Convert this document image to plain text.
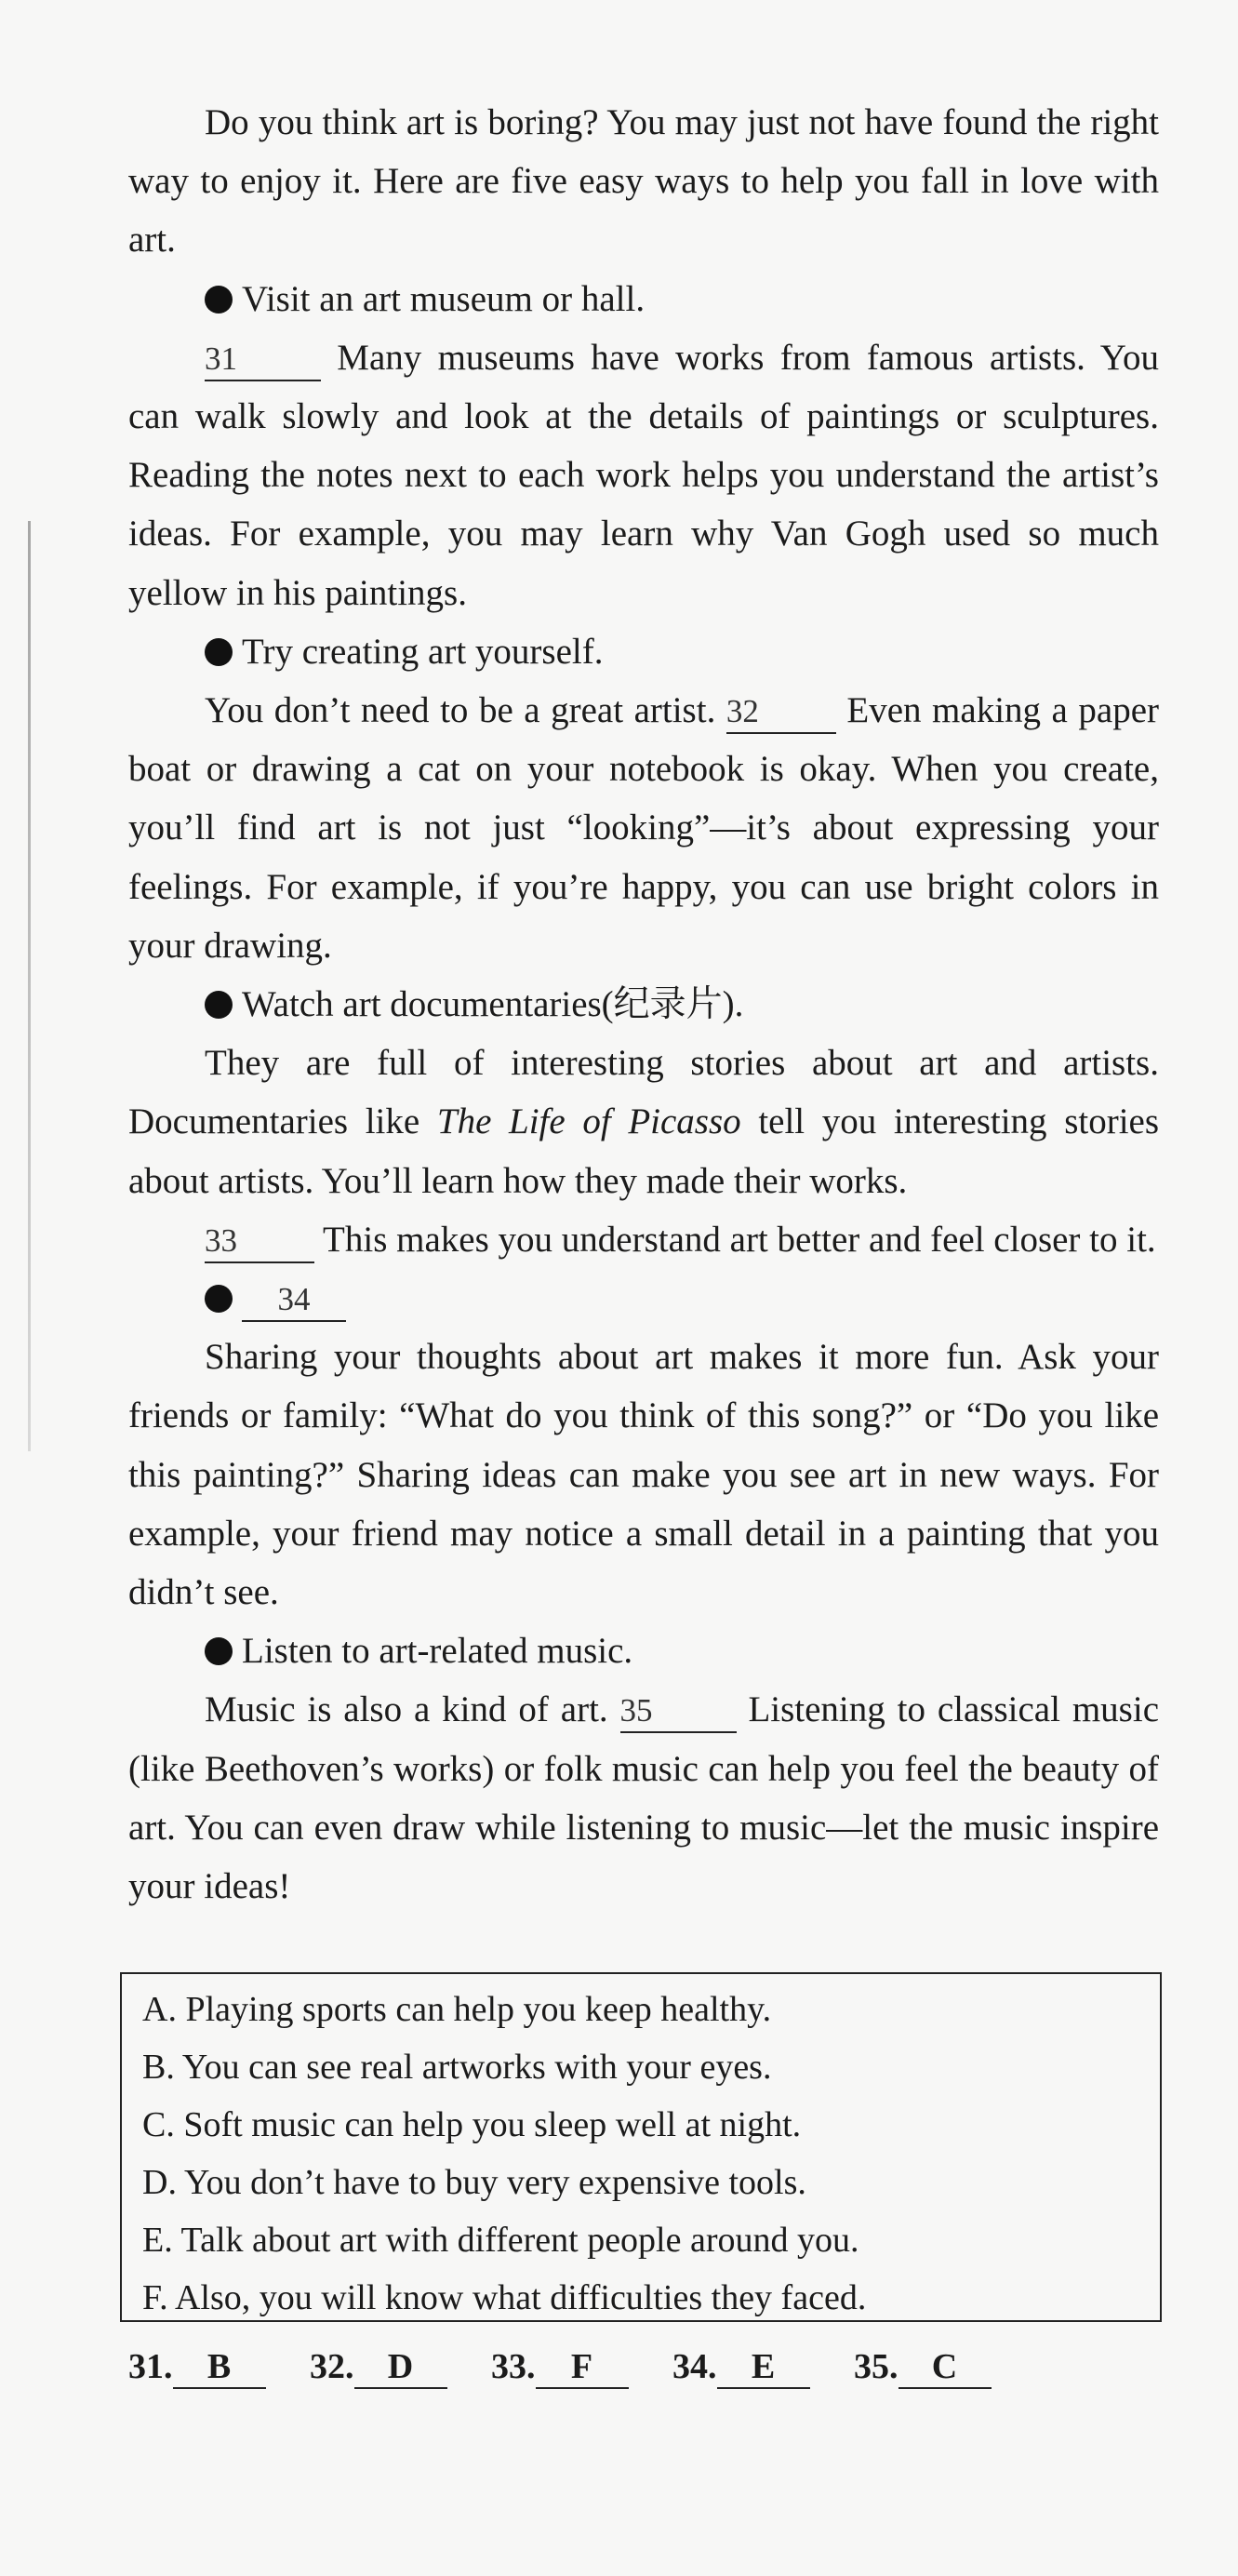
Do you think art is boring? You may just not have found the right way to enjoy it. Here are five easy ways to help you fall in love with art.

Visit an art museum or hall.

31	Many museums have works from famous artists. You can walk slowly and look at the details of paintings or sculptures. Reading the notes next to each work helps you understand the artist’s ideas. For example, you may learn why Van Gogh used so much yellow in his paintings.

Try creating art yourself.

You don’t need to be a great artist. 32 Even making a paper boat or drawing a cat on your notebook is okay. When you create, you’ll find art is not just “looking”—it’s about expressing your feelings. For example, if you’re happy, you can use bright colors in your drawing.

Watch art documentaries(纪录片).

They are full of interesting stories about art and artists. Documentaries like The Life of Picasso tell you interesting stories about artists. You’ll learn how they made their works.

33 This makes you understand art better and feel closer to it.

34

Sharing your thoughts about art makes it more fun. Ask your friends or family: “What do you think of this song?” or “Do you like this painting?” Sharing ideas can make you see art in new ways. For example, your friend may notice a small detail in a painting that you didn’t see.

Listen to art-related music.

Music is also a kind of art. 35	Listening to classical music (like Beethoven’s works) or folk music can help you feel the beauty of art. You can even draw while listening to music—let the music inspire your ideas!

A. Playing sports can help you keep healthy.

B. You can see real artworks with your eyes.

C. Soft music can help you sleep well at night.

D. You don’t have to buy very expensive tools.

E. Talk about art with different people around you.

F. Also, you will know what difficulties they faced.

31. B 32. D 33. F 34. E 35. C
